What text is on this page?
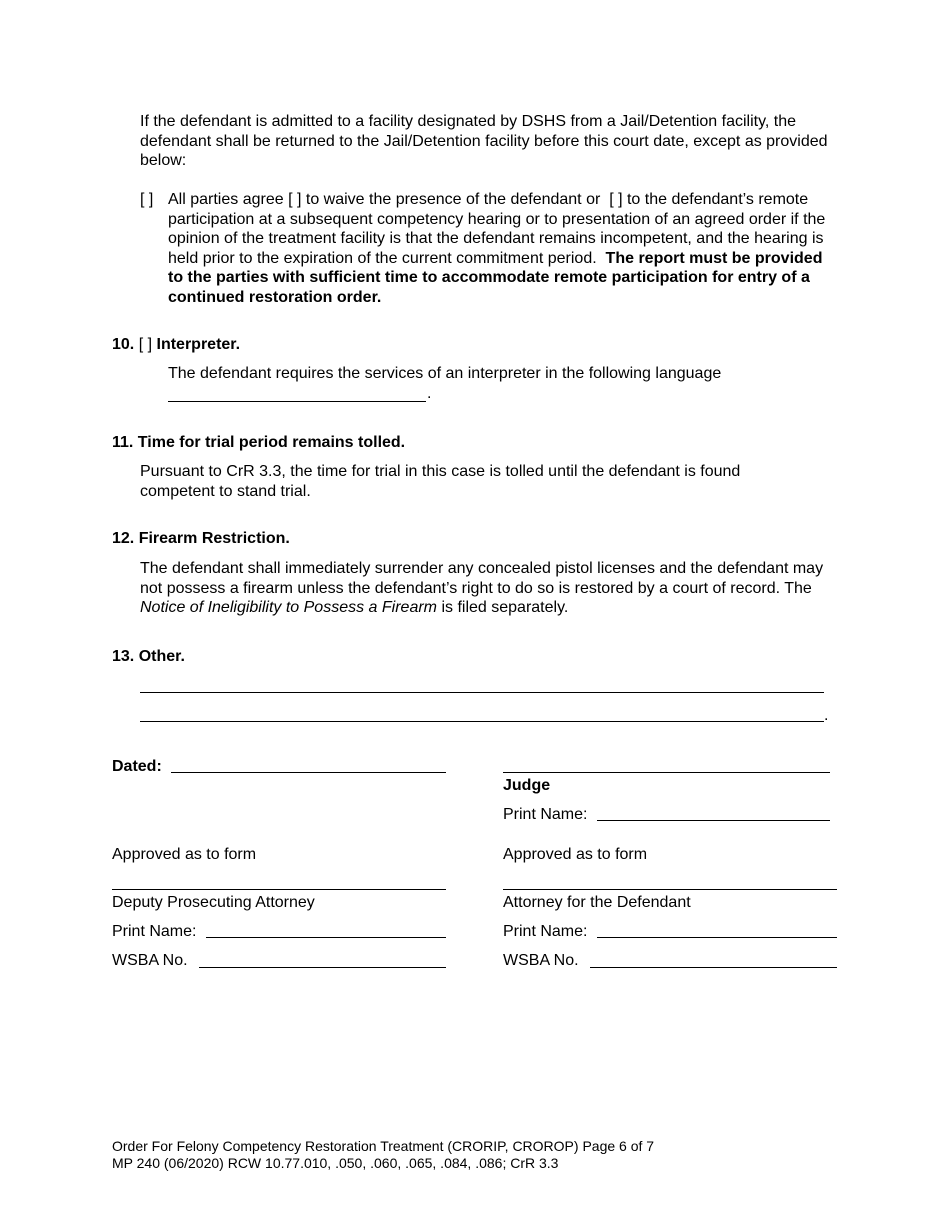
If the defendant is admitted to a facility designated by DSHS from a Jail/Detention facility, the defendant shall be returned to the Jail/Detention facility before this court date, except as provided below:
[ ] All parties agree [ ] to waive the presence of the defendant or [ ] to the defendant’s remote participation at a subsequent competency hearing or to presentation of an agreed order if the opinion of the treatment facility is that the defendant remains incompetent, and the hearing is held prior to the expiration of the current commitment period. The report must be provided to the parties with sufficient time to accommodate remote participation for entry of a continued restoration order.
10. [ ] Interpreter.
The defendant requires the services of an interpreter in the following language
.
11. Time for trial period remains tolled.
Pursuant to CrR 3.3, the time for trial in this case is tolled until the defendant is found competent to stand trial.
12. Firearm Restriction.
The defendant shall immediately surrender any concealed pistol licenses and the defendant may not possess a firearm unless the defendant’s right to do so is restored by a court of record. The Notice of Ineligibility to Possess a Firearm is filed separately.
13. Other.
.
Dated:
Judge
Print Name:
Approved as to form	Approved as to form
Deputy Prosecuting Attorney
Print Name:
WSBA No.
Attorney for the Defendant
Print Name:
WSBA No.
Order For Felony Competency Restoration Treatment (CRORIP, CROROP) Page 6 of 7
MP 240 (06/2020) RCW 10.77.010, .050, .060, .065, .084, .086; CrR 3.3
